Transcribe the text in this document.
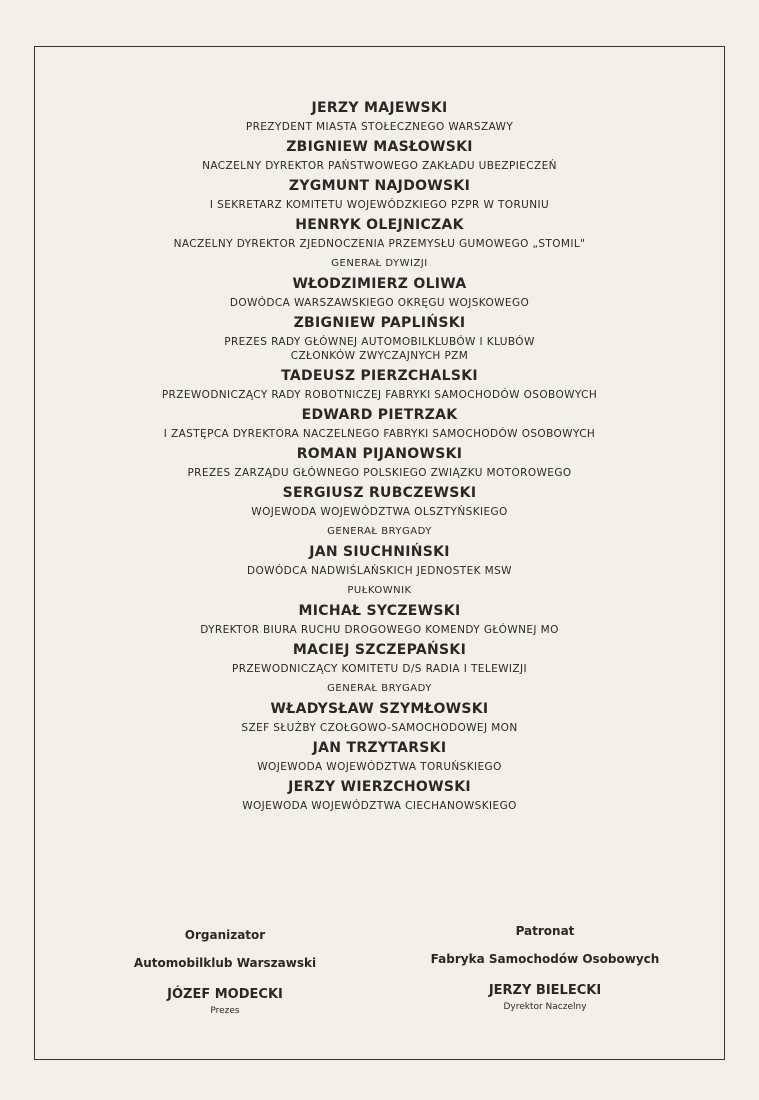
JERZY MAJEWSKI
PREZYDENT MIASTA STOŁECZNEGO WARSZAWY
ZBIGNIEW MASŁOWSKI
NACZELNY DYREKTOR PAŃSTWOWEGO ZAKŁADU UBEZPIECZEŃ
ZYGMUNT NAJDOWSKI
I SEKRETARZ KOMITETU WOJEWÓDZKIEGO PZPR W TORUNIU
HENRYK OLEJNICZAK
NACZELNY DYREKTOR ZJEDNOCZENIA PRZEMYSŁU GUMOWEGO „STOMIL"
GENERAŁ DYWIZJI
WŁODZIMIERZ OLIWA
DOWÓDCA WARSZAWSKIEGO OKRĘGU WOJSKOWEGO
ZBIGNIEW PAPLIŃSKI
PREZES RADY GŁÓWNEJ AUTOMOBILKLUBÓW I KLUBÓW
CZŁONKÓW ZWYCZAJNYCH PZM
TADEUSZ PIERZCHALSKI
PRZEWODNICZĄCY RADY ROBOTNICZEJ FABRYKI SAMOCHODÓW OSOBOWYCH
EDWARD PIETRZAK
I ZASTĘPCA DYREKTORA NACZELNEGO FABRYKI SAMOCHODÓW OSOBOWYCH
ROMAN PIJANOWSKI
PREZES ZARZĄDU GŁÓWNEGO POLSKIEGO ZWIĄZKU MOTOROWEGO
SERGIUSZ RUBCZEWSKI
WOJEWODA WOJEWÓDZTWA OLSZTYŃSKIEGO
GENERAŁ BRYGADY
JAN SIUCHNIŃSKI
DOWÓDCA NADWIŚLAŃSKICH JEDNOSTEK MSW
PUŁKOWNIK
MICHAŁ SYCZEWSKI
DYREKTOR BIURA RUCHU DROGOWEGO KOMENDY GŁÓWNEJ MO
MACIEJ SZCZEPAŃSKI
PRZEWODNICZĄCY KOMITETU D/S RADIA I TELEWIZJI
GENERAŁ BRYGADY
WŁADYSŁAW SZYMŁOWSKI
SZEF SŁUŻBY CZOŁGOWO-SAMOCHODOWEJ MON
JAN TRZYTARSKI
WOJEWODA WOJEWÓDZTWA TORUŃSKIEGO
JERZY WIERZCHOWSKI
WOJEWODA WOJEWÓDZTWA CIECHANOWSKIEGO
Organizator
Automobilklub Warszawski
JÓZEF MODECKI
Prezes
Patronat
Fabryka Samochodów Osobowych
JERZY BIELECKI
Dyrektor Naczelny
